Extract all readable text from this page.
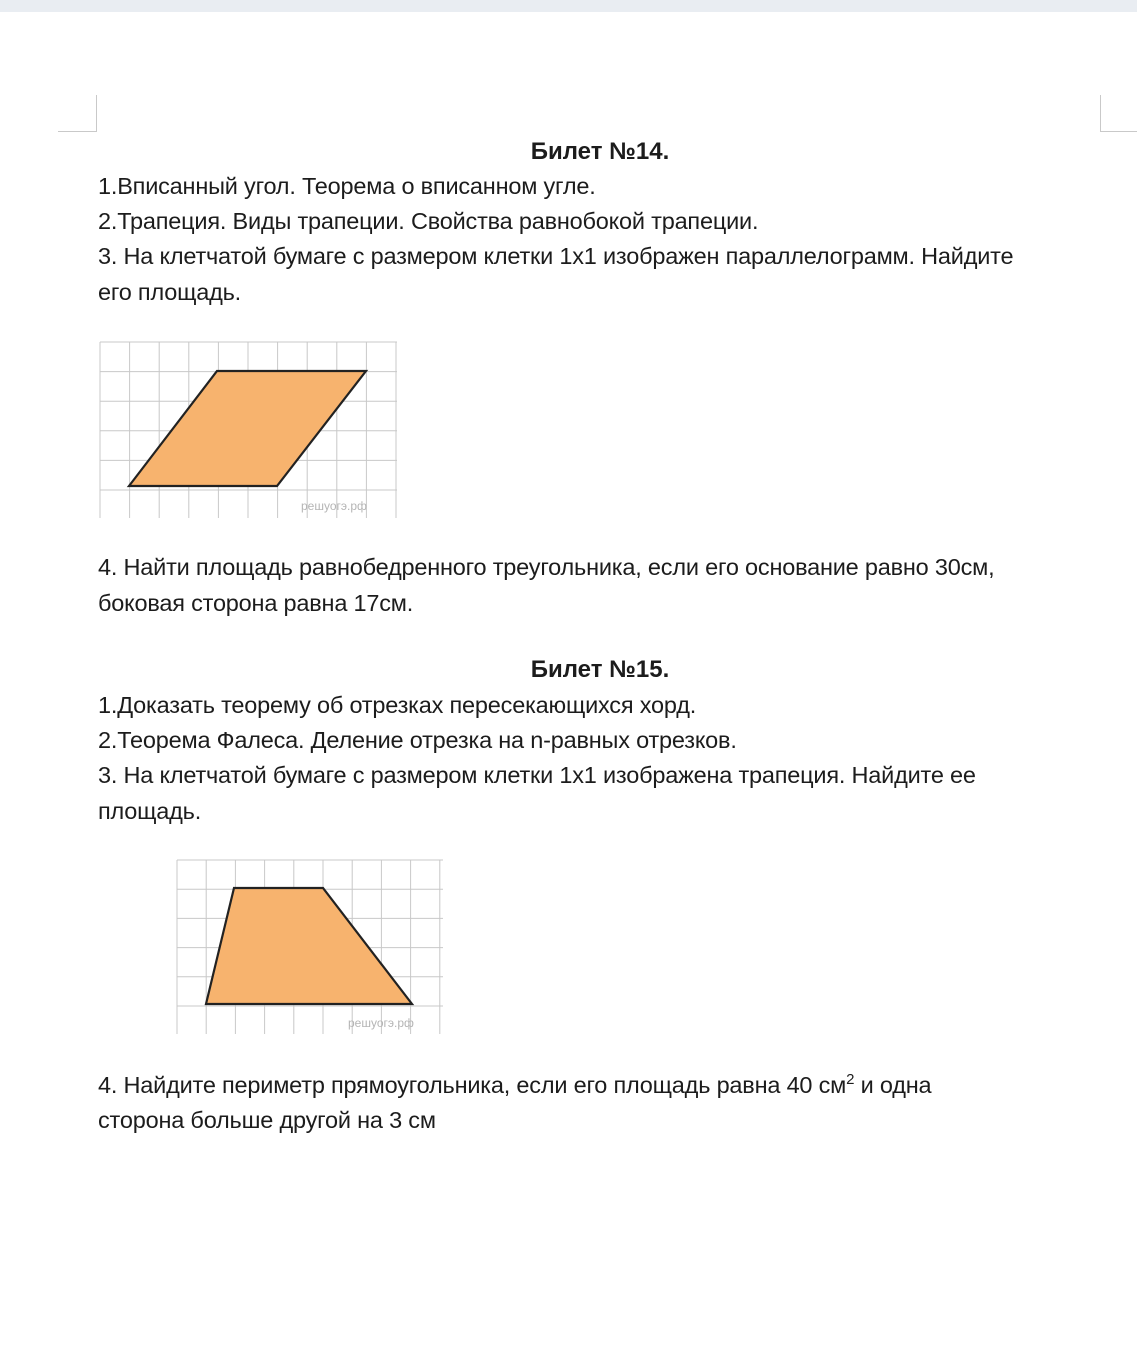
Билет №14.
1.Вписанный угол. Теорема о вписанном угле.
2.Трапеция. Виды трапеции. Свойства равнобокой трапеции.
3. На клетчатой бумаге с размером клетки 1х1 изображен параллелограмм. Найдите
его площадь.
решуогэ.рф
4. Найти площадь равнобедренного треугольника, если его основание равно 30см,
боковая сторона равна 17см.
Билет №15.
1.Доказать теорему об отрезках пересекающихся хорд.
2.Теорема Фалеса. Деление отрезка на n-равных отрезков.
3. На клетчатой бумаге с размером клетки 1х1 изображена трапеция. Найдите ее
площадь.
решуогэ.рф
4. Найдите периметр прямоугольника, если его площадь равна 40 $см^2$ и одна
сторона больше другой на 3 см
